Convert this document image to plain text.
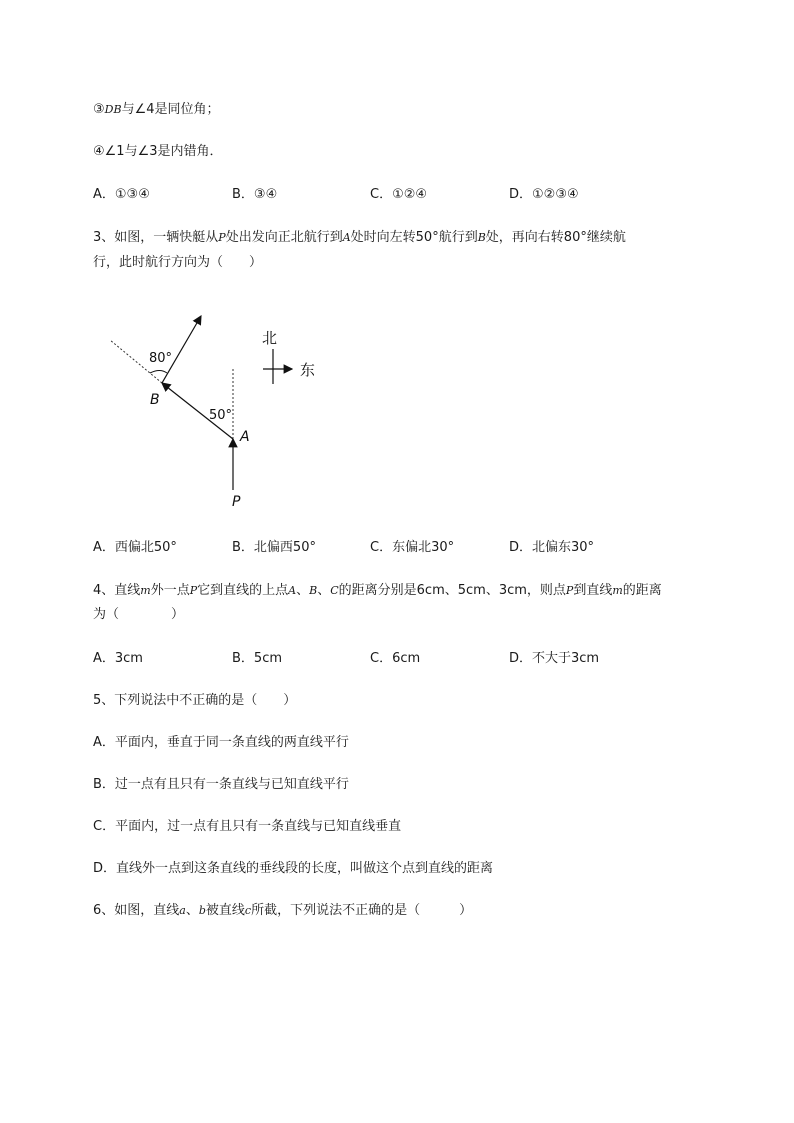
③DB与∠4是同位角；
④∠1与∠3是内错角．
A．①③④	B．③④	C．①②④	D．①②③④
3、如图，一辆快艇从P处出发向正北航行到A处时向左转50°航行到B处，再向右转80°继续航
行，此时航行方向为（　　）
80°
50°
B
A
P
北
东
A．西偏北50°	B．北偏西50°	C．东偏北30°	D．北偏东30°
4、直线m外一点P它到直线的上点A、B、C的距离分别是6cm、5cm、3cm，则点P到直线m的距离
为（　　　　）
A．3cm	B．5cm	C．6cm	D．不大于3cm
5、下列说法中不正确的是（　　）
A．平面内，垂直于同一条直线的两直线平行
B．过一点有且只有一条直线与已知直线平行
C．平面内，过一点有且只有一条直线与已知直线垂直
D．直线外一点到这条直线的垂线段的长度，叫做这个点到直线的距离
6、如图，直线a、b被直线c所截，下列说法不正确的是（　　　）
